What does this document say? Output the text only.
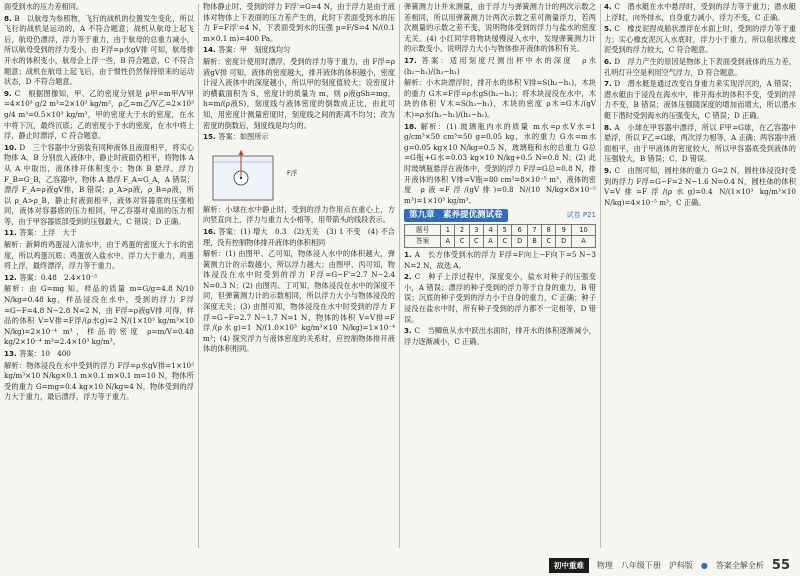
面受到水的压力差相同。
8. B　以航母为参照物，飞行的战机的位置发生变化，所以飞行的战机是运动的，A 不符合题意；战机从航母上起飞后，航母仍漂浮，浮力等于重力，由于航母的总重力减小，所以航母受到的浮力变小，由 F浮=ρ水gV排 可知，航母排开水的体积变小，航母会上浮一些，B 符合题意，C 不符合题意；战机在航母上起飞后，由于惯性仍然保持原来的运动状态，D 不符合题意。
9. C　根据图像知，甲、乙的密度分别是 ρ甲=m甲/V甲=4×10³ g/2 m³=2×10³ kg/m³，ρ乙=m乙/V乙=2×10³ g/4 m³=0.5×10³ kg/m³，甲的密度大于水的密度，在水中将下沉，最终沉底；乙的密度小于水的密度，在水中将上浮，静止时漂浮，C 符合题意。
10. D　三个容器中分别装有同种液体且液面相平，将实心物体 A、B 分别放入液体中，静止时液面仍相平，将物体 A 从 A 中取出，液体排开体积变小；物体 B 悬浮，浮力 F_B=G_B，乙容器中，物体 A 悬浮 F_A=G_A，A 错误；漂浮 F_A=ρ液gV排，B 错误；ρ_A>ρ液，ρ_B=ρ液，所以 ρ_A>ρ_B，静止时液面相平，液体对容器底的压强相同，液体对容器底的压力相同，甲乙容器对桌面的压力相等，由于甲容器底部受到的压强最大，C 错误；D 正确。
11. 答案：上浮　大于
解析：新鲜的鸡蛋浸入清水中，由于鸡蛋的密度大于水的密度，所以鸡蛋沉底；鸡蛋放入盐水中，浮力大于重力，鸡蛋将上浮，最终漂浮，浮力等于重力。
12. 答案：0.48　2.4×10⁻⁵
解析：由 G=mg 知，样品的质量 m=G/g=4.8 N/10 N/kg=0.48 kg，样品浸没在水中，受到的浮力 F浮=G−F=4.8 N−2.8 N=2 N，由 F浮=ρ液gV排 可得，样品的体积 V=V排=F浮/(ρ水g)=2 N/(1×10³ kg/m³×10 N/kg)=2×10⁻⁴ m³，样品的密度 ρ=m/V=0.48 kg/2×10⁻⁴ m³=2.4×10³ kg/m³。
13. 答案：10　400
解析：物体浸没在水中受到的浮力 F浮=ρ水gV排=1×10³ kg/m³×10 N/kg×0.1 m×0.1 m×0.1 m=10 N，物体所受的重力 G=mg=0.4 kg×10 N/kg=4 N，物体受到的浮力大于重力，最后漂浮，浮力等于重力。
物体静止时，受到的浮力 F浮'=G=4 N，由于浮力是由于液体对物体上下表面的压力差产生的，此时下表面受到水的压力 F=F浮'=4 N，下表面受到水的压强 p=F/S=4 N/(0.1 m×0.1 m)=400 Pa。
14. 答案：甲　刻度线均匀
解析：密度计使用时漂浮，受到的浮力等于重力，由 F浮=ρ液gV排 可知，液体的密度越大，排开液体的体积越小，密度计浸入液体中的深度越小，所以甲的刻度值较大；设密度计的横截面积为 S，密度计的质量为 m，则 ρ液gSh=mg，h=m/(ρ液S)，刻度线与液体密度的倒数成正比，由此可知，用密度计测量密度时，刻度线之间的距离不均匀；改为密度的倒数后，刻度线是均匀的。
15. 答案：如图所示
F浮
解析：小球在水中静止时，受到的浮力作用点在重心上，方向竖直向上，浮力与重力大小相等，用带箭头的线段表示。
16. 答案：(1) 增大　0.3　(2)无关　(3) 1 不变　(4) 不合理，没有控制物体排开液体的体积相同
解析：(1) 由图甲、乙可知，物体浸入水中的体积越大，弹簧测力计的示数越小，所以浮力越大；由图甲、丙可知，物体浸没在水中时受到的浮力 F浮=G−F'=2.7 N−2.4 N=0.3 N；(2) 由图丙、丁可知，物体浸没在水中的深度不同，但弹簧测力计的示数相同，所以浮力大小与物体浸没的深度无关；(3) 由图可知，物体浸没在水中时受到的浮力 F浮=G−F=2.7 N−1.7 N=1 N，物体的体积 V=V排=F浮/(ρ水g)=1 N/(1.0×10³ kg/m³×10 N/kg)=1×10⁻⁴ m³；(4) 探究浮力与液体密度的关系时，应控制物体排开液体的体积相同。
弹簧测力计并未测量，由于浮力与弹簧测力计的两次示数之差相同，所以用弹簧测力计两次示数之差可测量浮力，若两次测量的示数之差不变，说明物体受到的浮力与盐水的密度无关。(4) 小红同学将物块缓慢浸入水中，发现弹簧测力计的示数变小，说明浮力大小与物体排开液体的体积有关。
17. 答案：适用刻度尺测出杯中水的深度　ρ水(h₂−h₁)/(h₃−h₁)
解析：小木块漂浮时，排开水的体积 V排=S(h₂−h₁)，木块的重力 G木=F浮=ρ水gS(h₂−h₁)；将木块浸没在水中，木块的体积 V木=S(h₃−h₁)，木块的密度 ρ木=G木/(gV木)=ρ水(h₂−h₁)/(h₃−h₁)。
18. 解析：(1) 玻璃瓶内水的质量 m水=ρ水V水=1 g/cm³×50 cm³=50 g=0.05 kg，水的重力 G水=m水g=0.05 kg×10 N/kg=0.5 N，玻璃瓶和水的总重力 G总=G瓶+G水=0.03 kg×10 N/kg+0.5 N=0.8 N；(2) 此时玻璃瓶悬浮在液体中，受到的浮力 F浮=G总=0.8 N，排开液体的体积 V排=V瓶=80 cm³=8×10⁻⁵ m³，液体的密度 ρ液=F浮/(gV排)=0.8 N/(10 N/kg×8×10⁻⁵ m³)=1×10³ kg/m³。
第九章　素养提优测试卷	试卷 P21
题号	1	2	3	4	5	6	7	8	9	10
答案	A	C	C	A	C	D	B	C	D	A
1. A　长方体受到水的浮力 F浮=F向上−F向下=5 N−3 N=2 N，故选 A。
2. C　种子上浮过程中，深度变小，盐水对种子的压强变小，A 错误；漂浮的种子受到的浮力等于自身的重力，B 错误；沉底的种子受到的浮力小于自身的重力，C 正确；种子浸没在盐水中时，所有种子受到的浮力都不一定相等，D 错误。
3. C　当鲫鱼从水中跃出水面时，排开水的体积逐渐减小，浮力逐渐减小，C 正确。
4. C　潜水艇在水中悬浮时，受到的浮力等于重力；潜水艇上浮时，向外排水，自身重力减小，浮力不变，C 正确。
5. C　橡皮泥捏成船状漂浮在水面上时，受到的浮力等于重力；实心橡皮泥沉入水底时，浮力小于重力，所以船状橡皮泥受到的浮力较大，C 符合题意。
6. D　浮力产生的原因是物体上下表面受到液体的压力差，孔明灯升空是利用空气浮力，D 符合题意。
7. D　潜水艇是通过改变自身重力来实现浮沉的，A 错误；潜水艇由于浸没在海水中，排开海水的体积不变，受到的浮力不变，B 错误；液体压强随深度的增加而增大，所以潜水艇下潜时受到海水的压强变大，C 错误；D 正确。
8. A　小球在甲容器中漂浮，所以 F甲=G球，在乙容器中悬浮，所以 F乙=G球，两次浮力相等，A 正确；两容器中液面相平，由于甲液体的密度较大，所以甲容器底受到液体的压强较大，B 错误；C、D 错误。
9. C　由图可知，圆柱体的重力 G=2 N，圆柱体浸没时受到的浮力 F浮=G−F=2 N−1.6 N=0.4 N，圆柱体的体积 V=V排=F浮/(ρ水g)=0.4 N/(1×10³ kg/m³×10 N/kg)=4×10⁻⁵ m³，C 正确。
初中重难	物理　八年级下册　沪科版 ● 答案全解全析 55
